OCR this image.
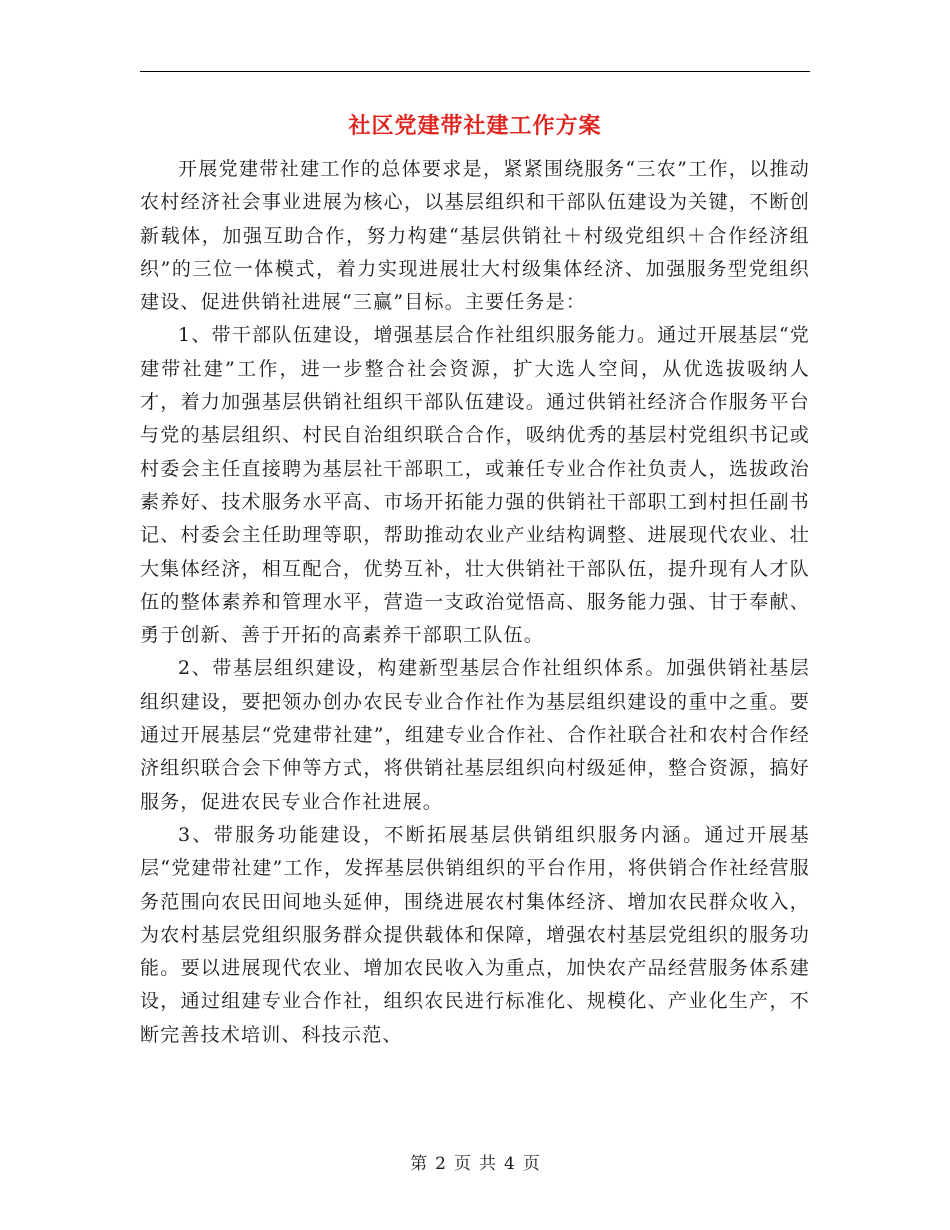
社区党建带社建工作方案

开展党建带社建工作的总体要求是，紧紧围绕服务“三农”工作，以推动农村经济社会事业进展为核心，以基层组织和干部队伍建设为关键，不断创新载体，加强互助合作，努力构建“基层供销社＋村级党组织＋合作经济组织”的三位一体模式，着力实现进展壮大村级集体经济、加强服务型党组织建设、促进供销社进展“三赢”目标。主要任务是：

1、带干部队伍建设，增强基层合作社组织服务能力。通过开展基层“党建带社建”工作，进一步整合社会资源，扩大选人空间，从优选拔吸纳人才，着力加强基层供销社组织干部队伍建设。通过供销社经济合作服务平台与党的基层组织、村民自治组织联合合作，吸纳优秀的基层村党组织书记或村委会主任直接聘为基层社干部职工，或兼任专业合作社负责人，选拔政治素养好、技术服务水平高、市场开拓能力强的供销社干部职工到村担任副书记、村委会主任助理等职，帮助推动农业产业结构调整、进展现代农业、壮大集体经济，相互配合，优势互补，壮大供销社干部队伍，提升现有人才队伍的整体素养和管理水平，营造一支政治觉悟高、服务能力强、甘于奉献、勇于创新、善于开拓的高素养干部职工队伍。

2、带基层组织建设，构建新型基层合作社组织体系。加强供销社基层组织建设，要把领办创办农民专业合作社作为基层组织建设的重中之重。要通过开展基层“党建带社建”，组建专业合作社、合作社联合社和农村合作经济组织联合会下伸等方式，将供销社基层组织向村级延伸，整合资源，搞好服务，促进农民专业合作社进展。

3、带服务功能建设，不断拓展基层供销组织服务内涵。通过开展基层“党建带社建”工作，发挥基层供销组织的平台作用，将供销合作社经营服务范围向农民田间地头延伸，围绕进展农村集体经济、增加农民群众收入，为农村基层党组织服务群众提供载体和保障，增强农村基层党组织的服务功能。要以进展现代农业、增加农民收入为重点，加快农产品经营服务体系建设，通过组建专业合作社，组织农民进行标准化、规模化、产业化生产，不断完善技术培训、科技示范、

第 2 页 共 4 页
